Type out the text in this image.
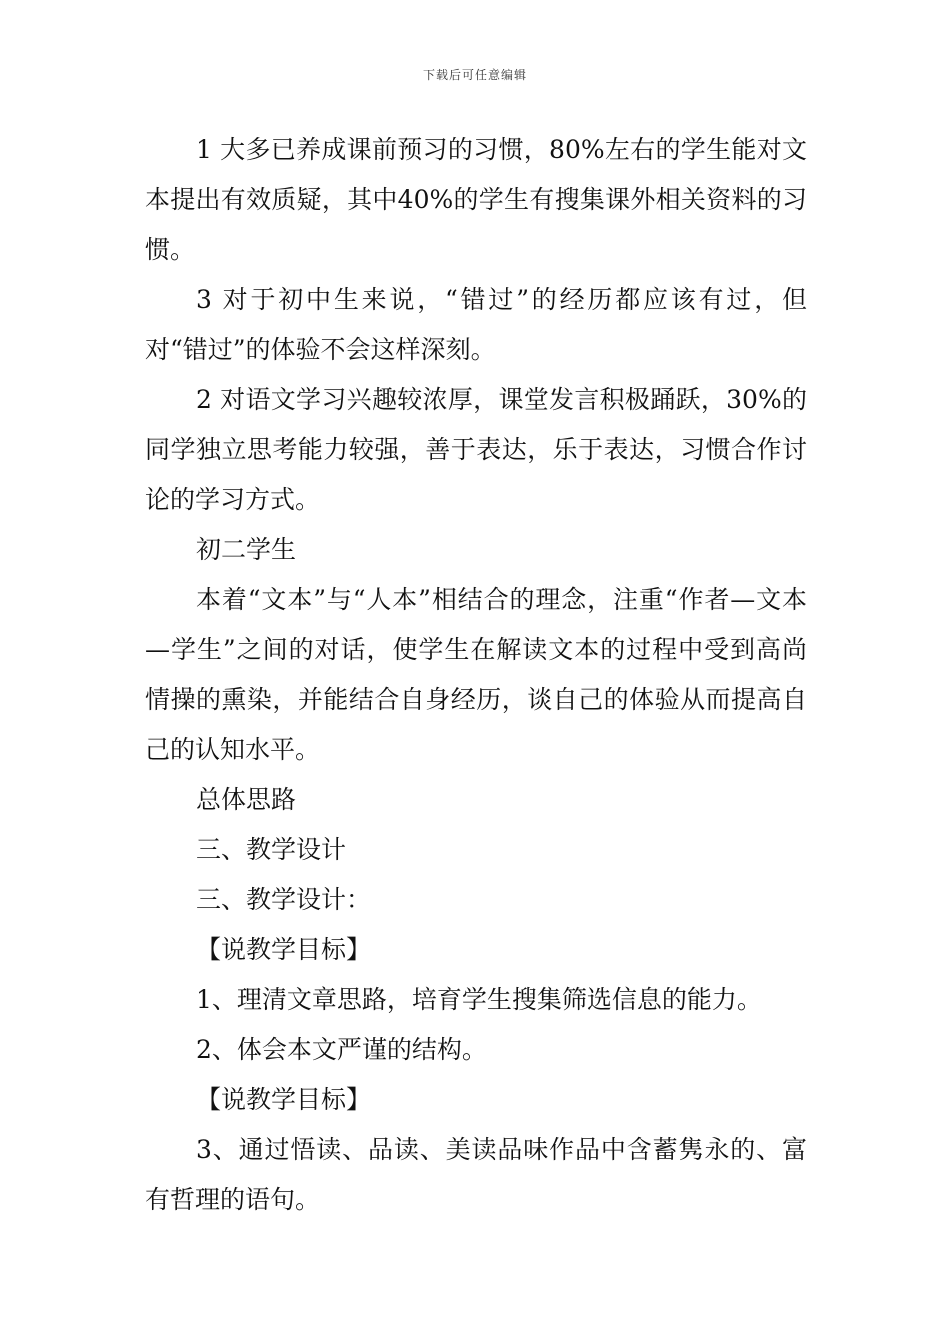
下载后可任意编辑

1 大多已养成课前预习的习惯，80%左右的学生能对文本提出有效质疑，其中40%的学生有搜集课外相关资料的习惯。

3 对于初中生来说，“错过”的经历都应该有过，但对“错过”的体验不会这样深刻。

2 对语文学习兴趣较浓厚，课堂发言积极踊跃，30%的同学独立思考能力较强，善于表达，乐于表达，习惯合作讨论的学习方式。

初二学生

本着“文本”与“人本”相结合的理念，注重“作者—文本—学生”之间的对话，使学生在解读文本的过程中受到高尚情操的熏染，并能结合自身经历，谈自己的体验从而提高自己的认知水平。

总体思路

三、教学设计

三、教学设计：

【说教学目标】

1、理清文章思路，培育学生搜集筛选信息的能力。

2、体会本文严谨的结构。

【说教学目标】

3、通过悟读、品读、美读品味作品中含蓄隽永的、富有哲理的语句。
